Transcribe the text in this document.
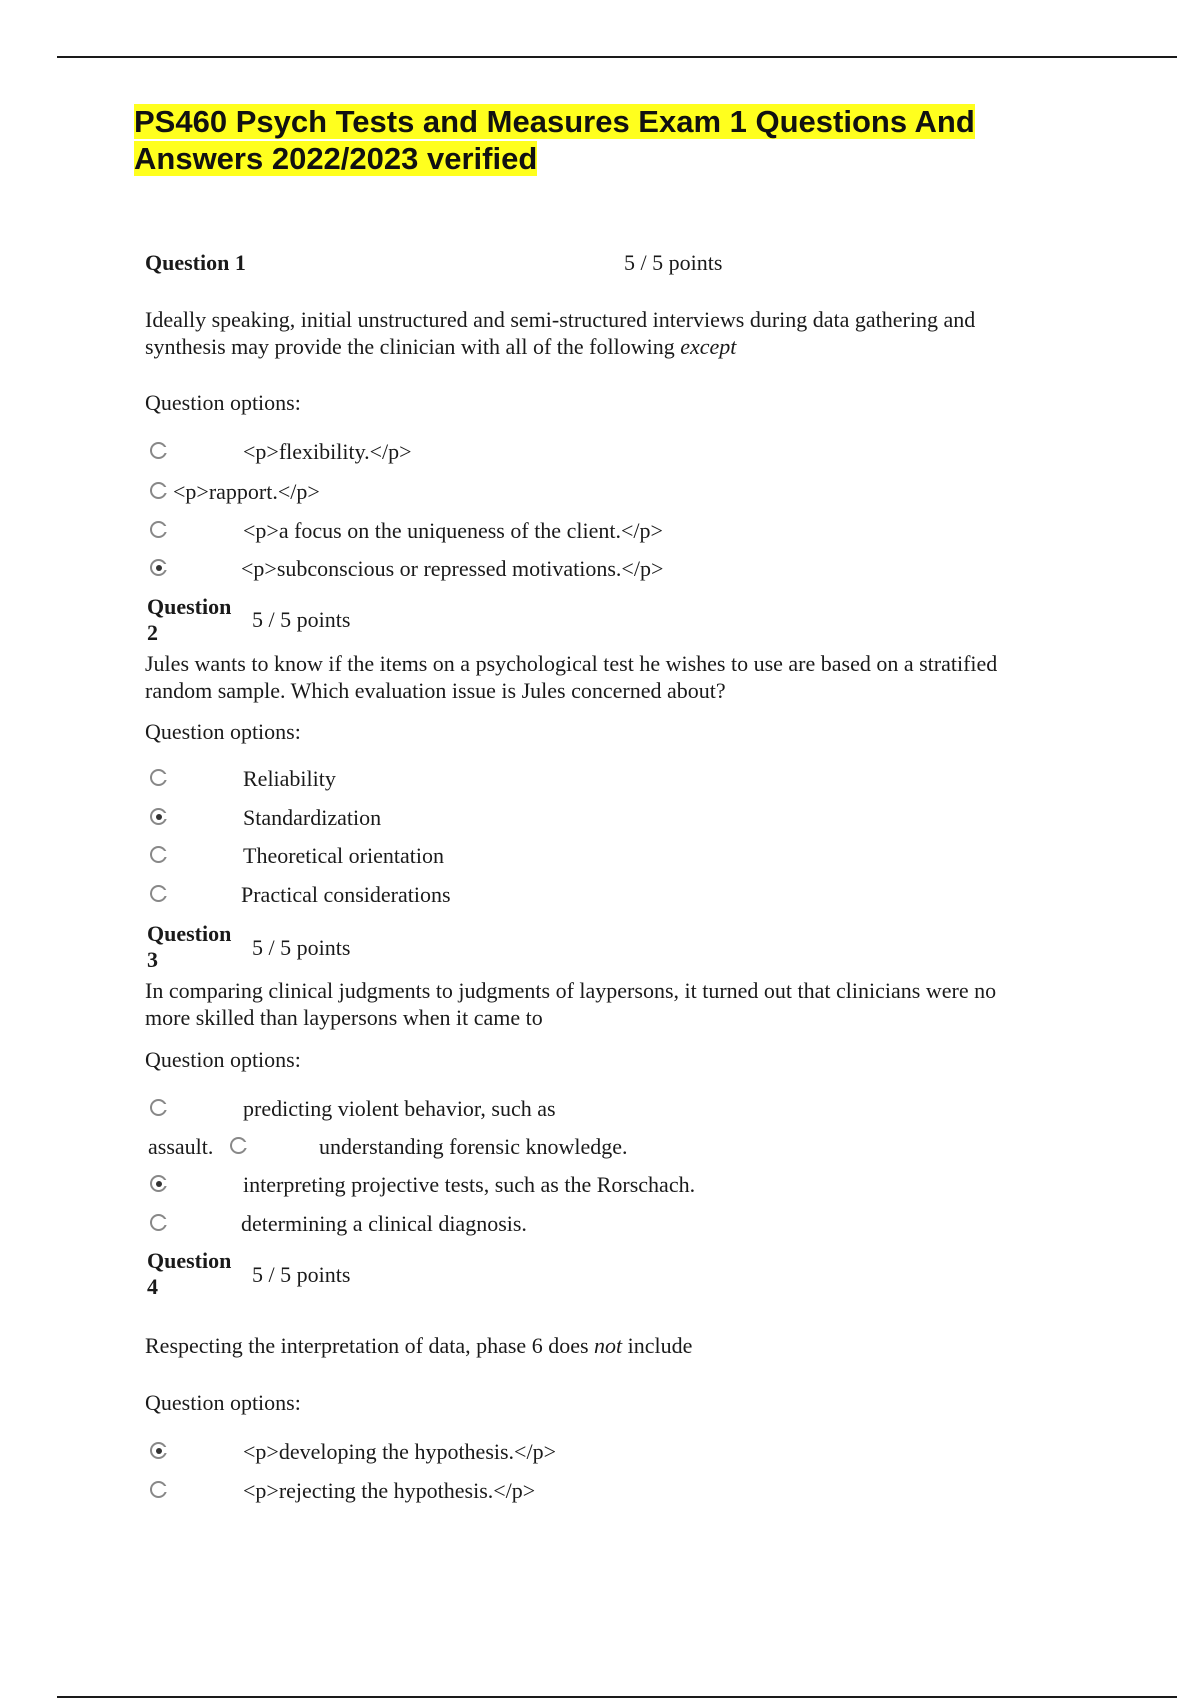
PS460 Psych Tests and Measures Exam 1 Questions And
Answers 2022/2023 verified
Question 1	5 / 5 points
Ideally speaking, initial unstructured and semi-structured interviews during data gathering and
synthesis may provide the clinician with all of the following except
Question options:
<p>flexibility.</p>
<p>rapport.</p>
<p>a focus on the uniqueness of the client.</p>
<p>subconscious or repressed motivations.</p>
Question
2
5 / 5 points
Jules wants to know if the items on a psychological test he wishes to use are based on a stratified
random sample. Which evaluation issue is Jules concerned about?
Question options:
Reliability
Standardization
Theoretical orientation
Practical considerations
Question
3	5 / 5 points
In comparing clinical judgments to judgments of laypersons, it turned out that clinicians were no
more skilled than laypersons when it came to
Question options:
predicting violent behavior, such as
assault.	understanding forensic knowledge.
interpreting projective tests, such as the Rorschach.
determining a clinical diagnosis.
Question
4	5 / 5 points
Respecting the interpretation of data, phase 6 does not include
Question options:
<p>developing the hypothesis.</p>
<p>rejecting the hypothesis.</p>
